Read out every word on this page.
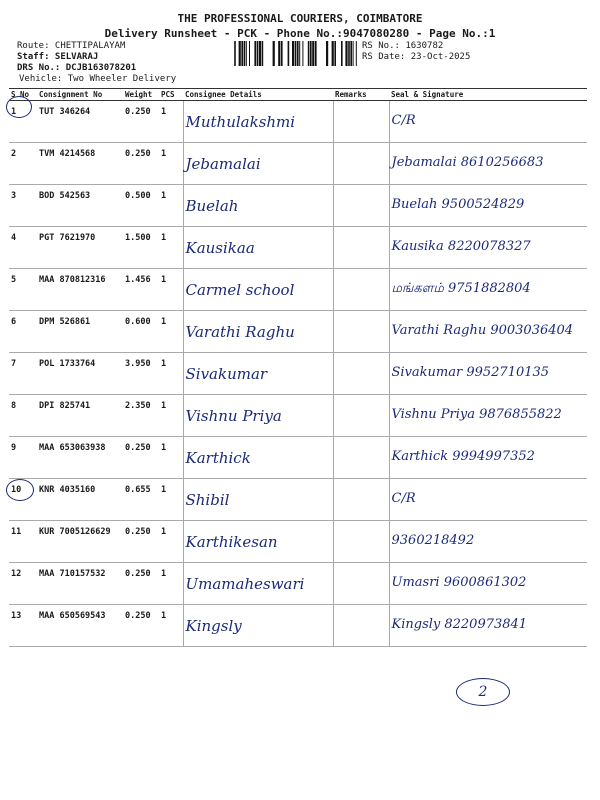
THE PROFESSIONAL COURIERS, COIMBATORE
Delivery Runsheet - PCK - Phone No.:9047080280 - Page No.:1
Route: CHETTIPALAYAM
Staff: SELVARAJ
DRS No.: DCJB163078201
Vehicle: Two Wheeler Delivery
RS No.: 1630782
RS Date: 23-Oct-2025
S No	Consignment No	Weight	PCS	Consignee Details	Remarks	Seal & Signature
1	TUT 346264	0.250	1	Muthulakshmi		C/R
2	TVM 4214568	0.250	1	Jebamalai		Jebamalai 8610256683
3	BOD 542563	0.500	1	Buelah		Buelah 9500524829
4	PGT 7621970	1.500	1	Kausikaa		Kausika 8220078327
5	MAA 870812316	1.456	1	Carmel school		மங்களம் 9751882804
6	DPM 526861	0.600	1	Varathi Raghu		Varathi Raghu 9003036404
7	POL 1733764	3.950	1	Sivakumar		Sivakumar 9952710135
8	DPI 825741	2.350	1	Vishnu Priya		Vishnu Priya 9876855822
9	MAA 653063938	0.250	1	Karthick		Karthick 9994997352
10	KNR 4035160	0.655	1	Shibil		C/R
11	KUR 7005126629	0.250	1	Karthikesan		9360218492
12	MAA 710157532	0.250	1	Umamaheswari		Umasri 9600861302
13	MAA 650569543	0.250	1	Kingsly		Kingsly 8220973841
2
